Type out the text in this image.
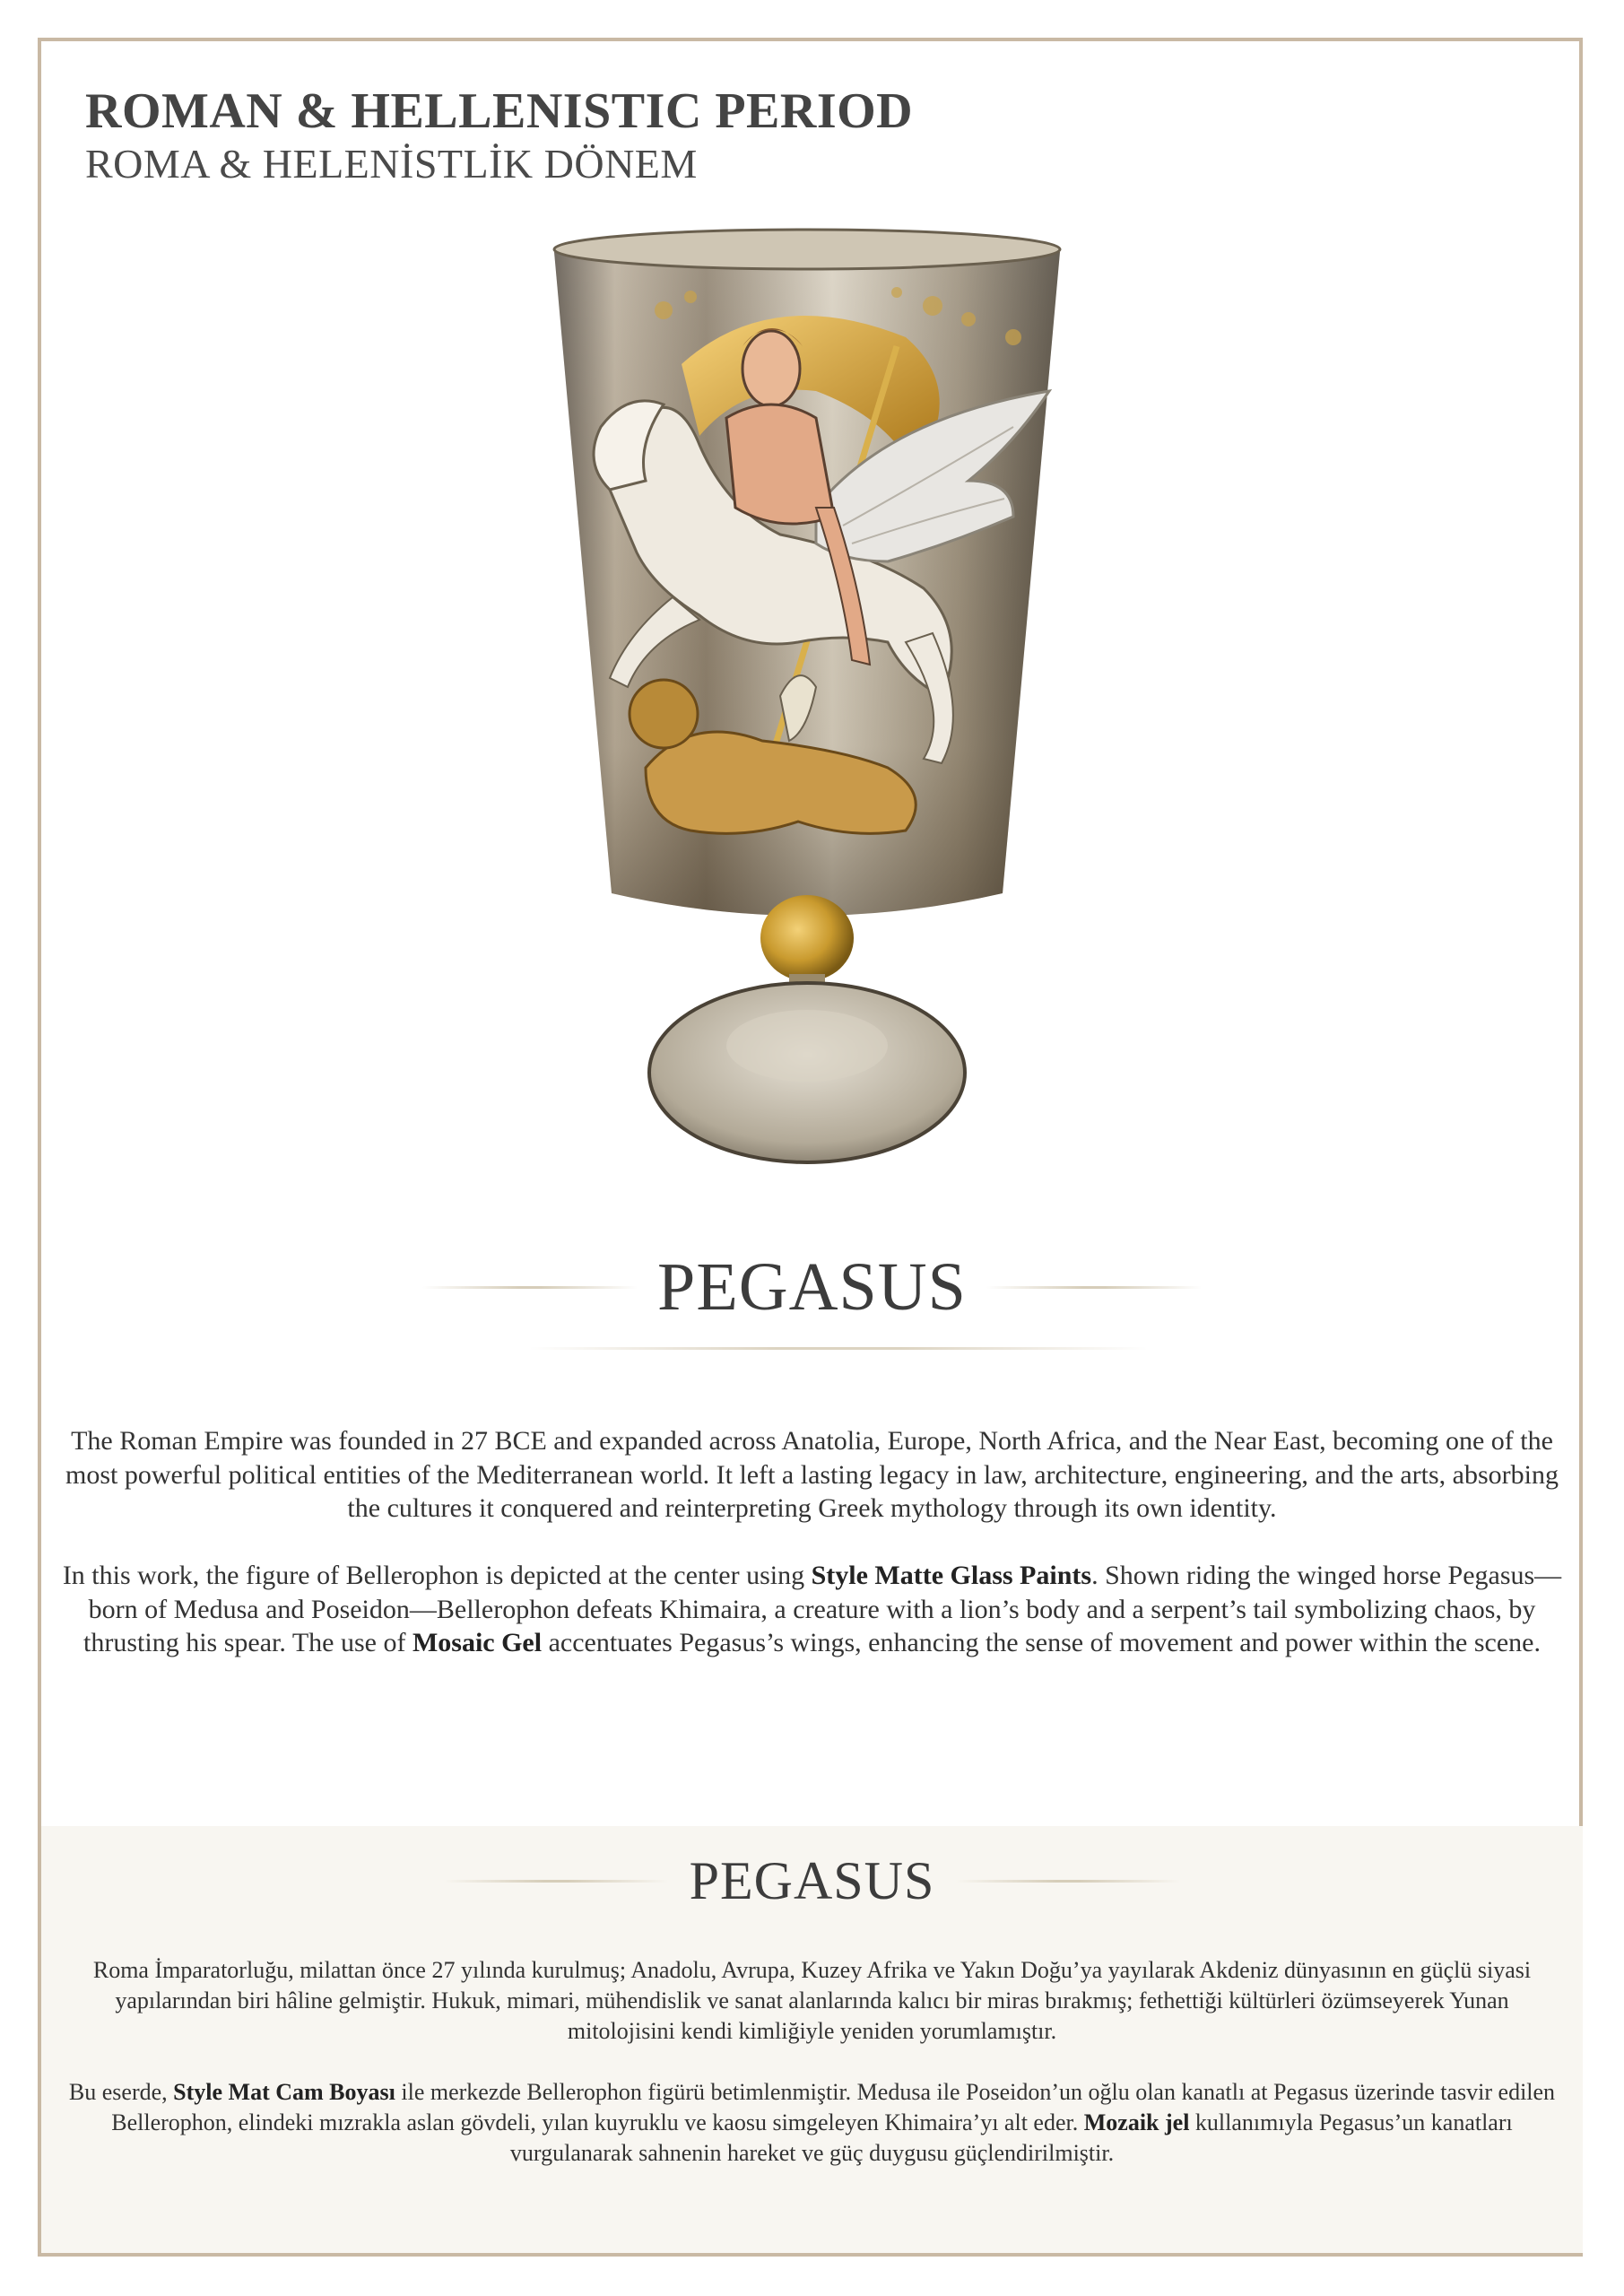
ROMAN & HELLENISTIC PERIOD
ROMA & HELENİSTLİK DÖNEM
PEGASUS
The Roman Empire was founded in 27 BCE and expanded across Anatolia, Europe, North Africa, and the Near East, becoming one of the most powerful political entities of the Mediterranean world. It left a lasting legacy in law, architecture, engineering, and the arts, absorbing the cultures it conquered and reinterpreting Greek mythology through its own identity.
In this work, the figure of Bellerophon is depicted at the center using Style Matte Glass Paints. Shown riding the winged horse Pegasus—born of Medusa and Poseidon—Bellerophon defeats Khimaira, a creature with a lion’s body and a serpent’s tail symbolizing chaos, by thrusting his spear. The use of Mosaic Gel accentuates Pegasus’s wings, enhancing the sense of movement and power within the scene.
PEGASUS
Roma İmparatorluğu, milattan önce 27 yılında kurulmuş; Anadolu, Avrupa, Kuzey Afrika ve Yakın Doğu’ya yayılarak Akdeniz dünyasının en güçlü siyasi yapılarından biri hâline gelmiştir. Hukuk, mimari, mühendislik ve sanat alanlarında kalıcı bir miras bırakmış; fethettiği kültürleri özümseyerek Yunan mitolojisini kendi kimliğiyle yeniden yorumlamıştır.
Bu eserde, Style Mat Cam Boyası ile merkezde Bellerophon figürü betimlenmiştir. Medusa ile Poseidon’un oğlu olan kanatlı at Pegasus üzerinde tasvir edilen Bellerophon, elindeki mızrakla aslan gövdeli, yılan kuyruklu ve kaosu simgeleyen Khimaira’yı alt eder. Mozaik jel kullanımıyla Pegasus’un kanatları vurgulanarak sahnenin hareket ve güç duygusu güçlendirilmiştir.
